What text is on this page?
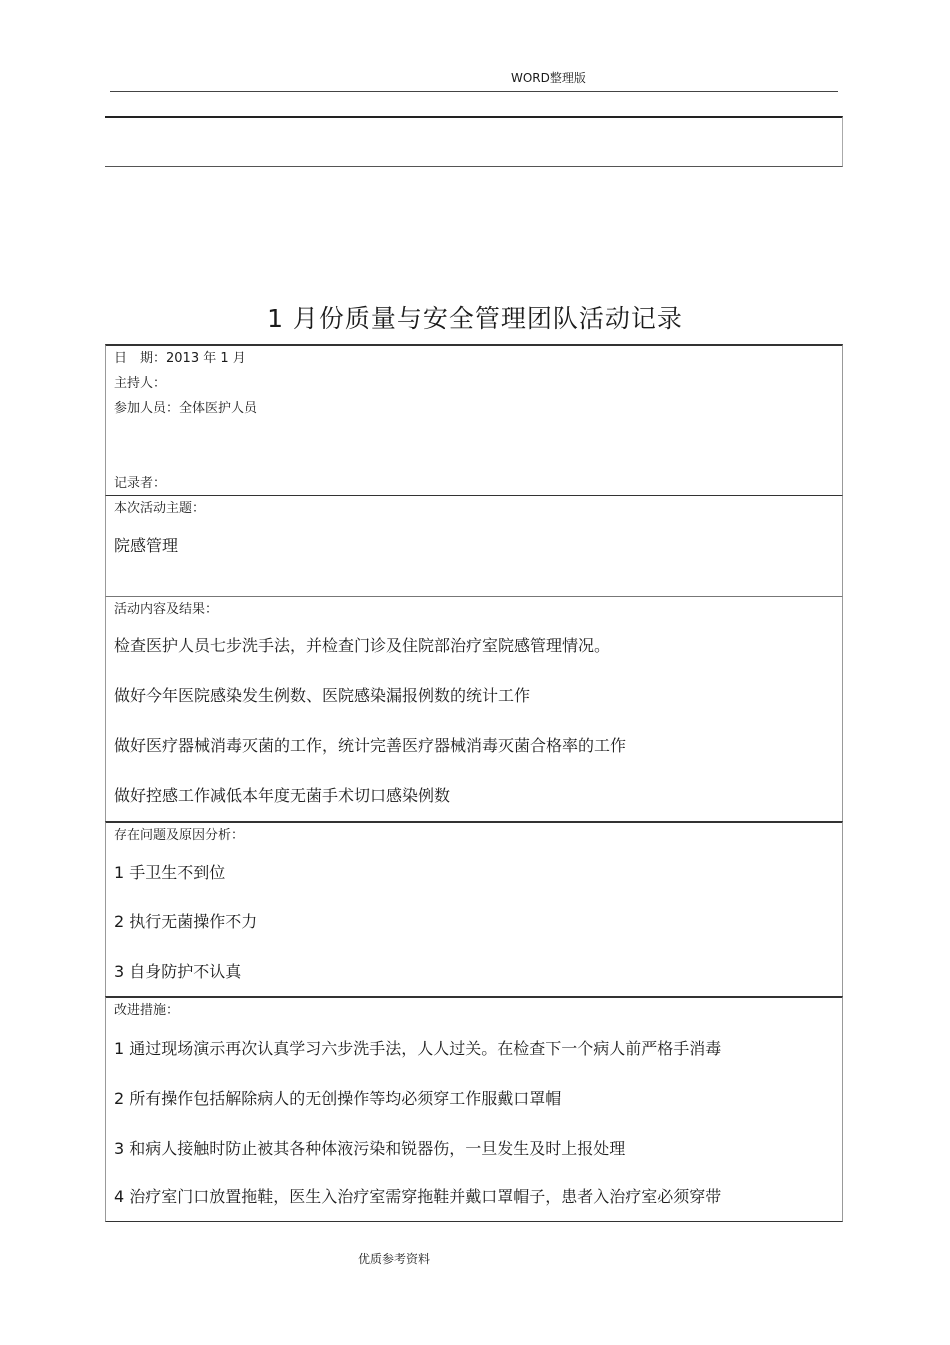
WORD整理版
1 月份质量与安全管理团队活动记录
日　期：2013 年 1 月
主持人：
参加人员：全体医护人员
记录者：
本次活动主题：
院感管理
活动内容及结果：
检查医护人员七步洗手法，并检查门诊及住院部治疗室院感管理情况。
做好今年医院感染发生例数、医院感染漏报例数的统计工作
做好医疗器械消毒灭菌的工作，统计完善医疗器械消毒灭菌合格率的工作
做好控感工作减低本年度无菌手术切口感染例数
存在问题及原因分析：
1 手卫生不到位
2 执行无菌操作不力
3 自身防护不认真
改进措施：
1 通过现场演示再次认真学习六步洗手法，人人过关。在检查下一个病人前严格手消毒
2 所有操作包括解除病人的无创操作等均必须穿工作服戴口罩帽
3 和病人接触时防止被其各种体液污染和锐器伤，一旦发生及时上报处理
4 治疗室门口放置拖鞋，医生入治疗室需穿拖鞋并戴口罩帽子，患者入治疗室必须穿带
优质参考资料
